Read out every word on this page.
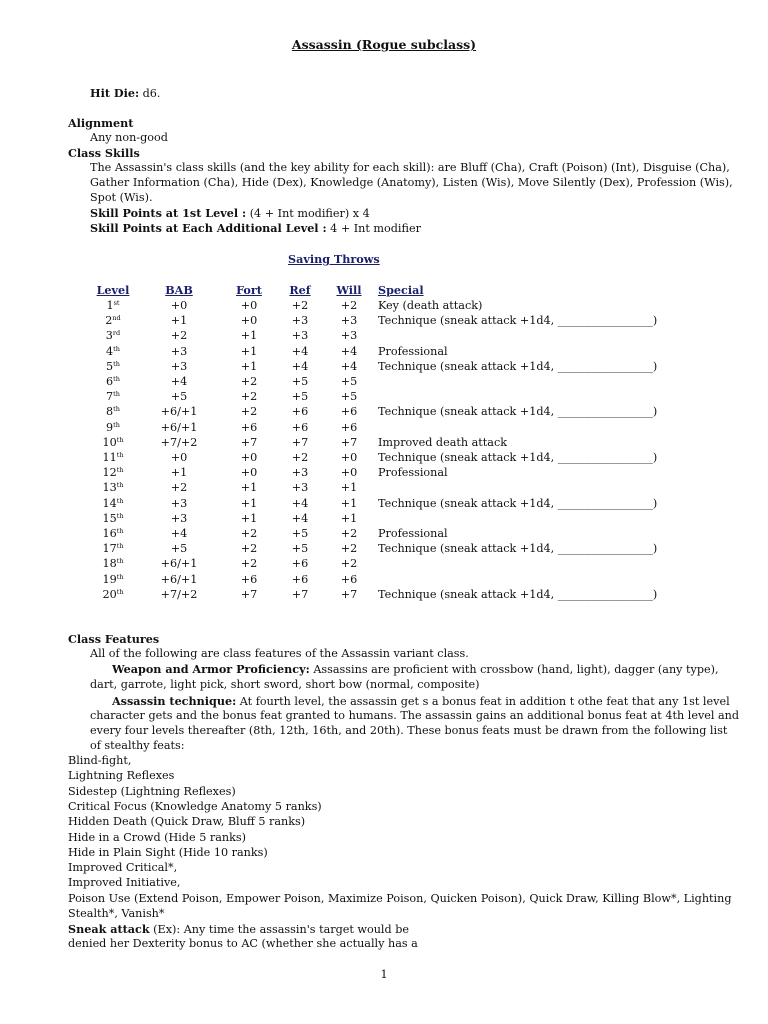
Assassin (Rogue subclass)
Hit Die: d6.
Alignment
Any non-good
Class Skills
The Assassin's class skills (and the key ability for each skill): are Bluff (Cha), Craft (Poison) (Int), Disguise (Cha),
Gather Information (Cha), Hide (Dex), Knowledge (Anatomy), Listen (Wis), Move Silently (Dex), Profession (Wis),
Spot (Wis).
Skill Points at 1st Level : (4 + Int modifier) x 4
Skill Points at Each Additional Level : 4 + Int modifier
Saving Throws
Level	BAB	Fort	Ref	Will	Special
1st	+0	+0	+2	+2	Key (death attack)
2nd	+1	+0	+3	+3	Technique (sneak attack +1d4, _________________)
3rd	+2	+1	+3	+3	
4th	+3	+1	+4	+4	Professional
5th	+3	+1	+4	+4	Technique (sneak attack +1d4, _________________)
6th	+4	+2	+5	+5	
7th	+5	+2	+5	+5	
8th	+6/+1	+2	+6	+6	Technique (sneak attack +1d4, _________________)
9th	+6/+1	+6	+6	+6	
10th	+7/+2	+7	+7	+7	Improved death attack
11th	+0	+0	+2	+0	Technique (sneak attack +1d4, _________________)
12th	+1	+0	+3	+0	Professional
13th	+2	+1	+3	+1	
14th	+3	+1	+4	+1	Technique (sneak attack +1d4, _________________)
15th	+3	+1	+4	+1	
16th	+4	+2	+5	+2	Professional
17th	+5	+2	+5	+2	Technique (sneak attack +1d4, _________________)
18th	+6/+1	+2	+6	+2	
19th	+6/+1	+6	+6	+6	
20th	+7/+2	+7	+7	+7	Technique (sneak attack +1d4, _________________)
Class Features
All of the following are class features of the Assassin variant class.
Weapon and Armor Proficiency: Assassins are proficient with crossbow (hand, light), dagger (any type),
dart, garrote, light pick, short sword, short bow (normal, composite)
Assassin technique: At fourth level, the assassin get s a bonus feat in addition t othe feat that any 1st level
character gets and the bonus feat granted to humans. The assassin gains an additional bonus feat at 4th level and
every four levels thereafter (8th, 12th, 16th, and 20th). These bonus feats must be drawn from the following list
of stealthy feats:
Blind-fight,
Lightning Reflexes
Sidestep (Lightning Reflexes)
Critical Focus (Knowledge Anatomy 5 ranks)
Hidden Death (Quick Draw, Bluff 5 ranks)
Hide in a Crowd (Hide 5 ranks)
Hide in Plain Sight (Hide 10 ranks)
Improved Critical*,
Improved Initiative,
Poison Use (Extend Poison, Empower Poison, Maximize Poison, Quicken Poison), Quick Draw, Killing Blow*, Lighting
Stealth*, Vanish*
Sneak attack (Ex): Any time the assassin's target would be
denied her Dexterity bonus to AC (whether she actually has a
1
